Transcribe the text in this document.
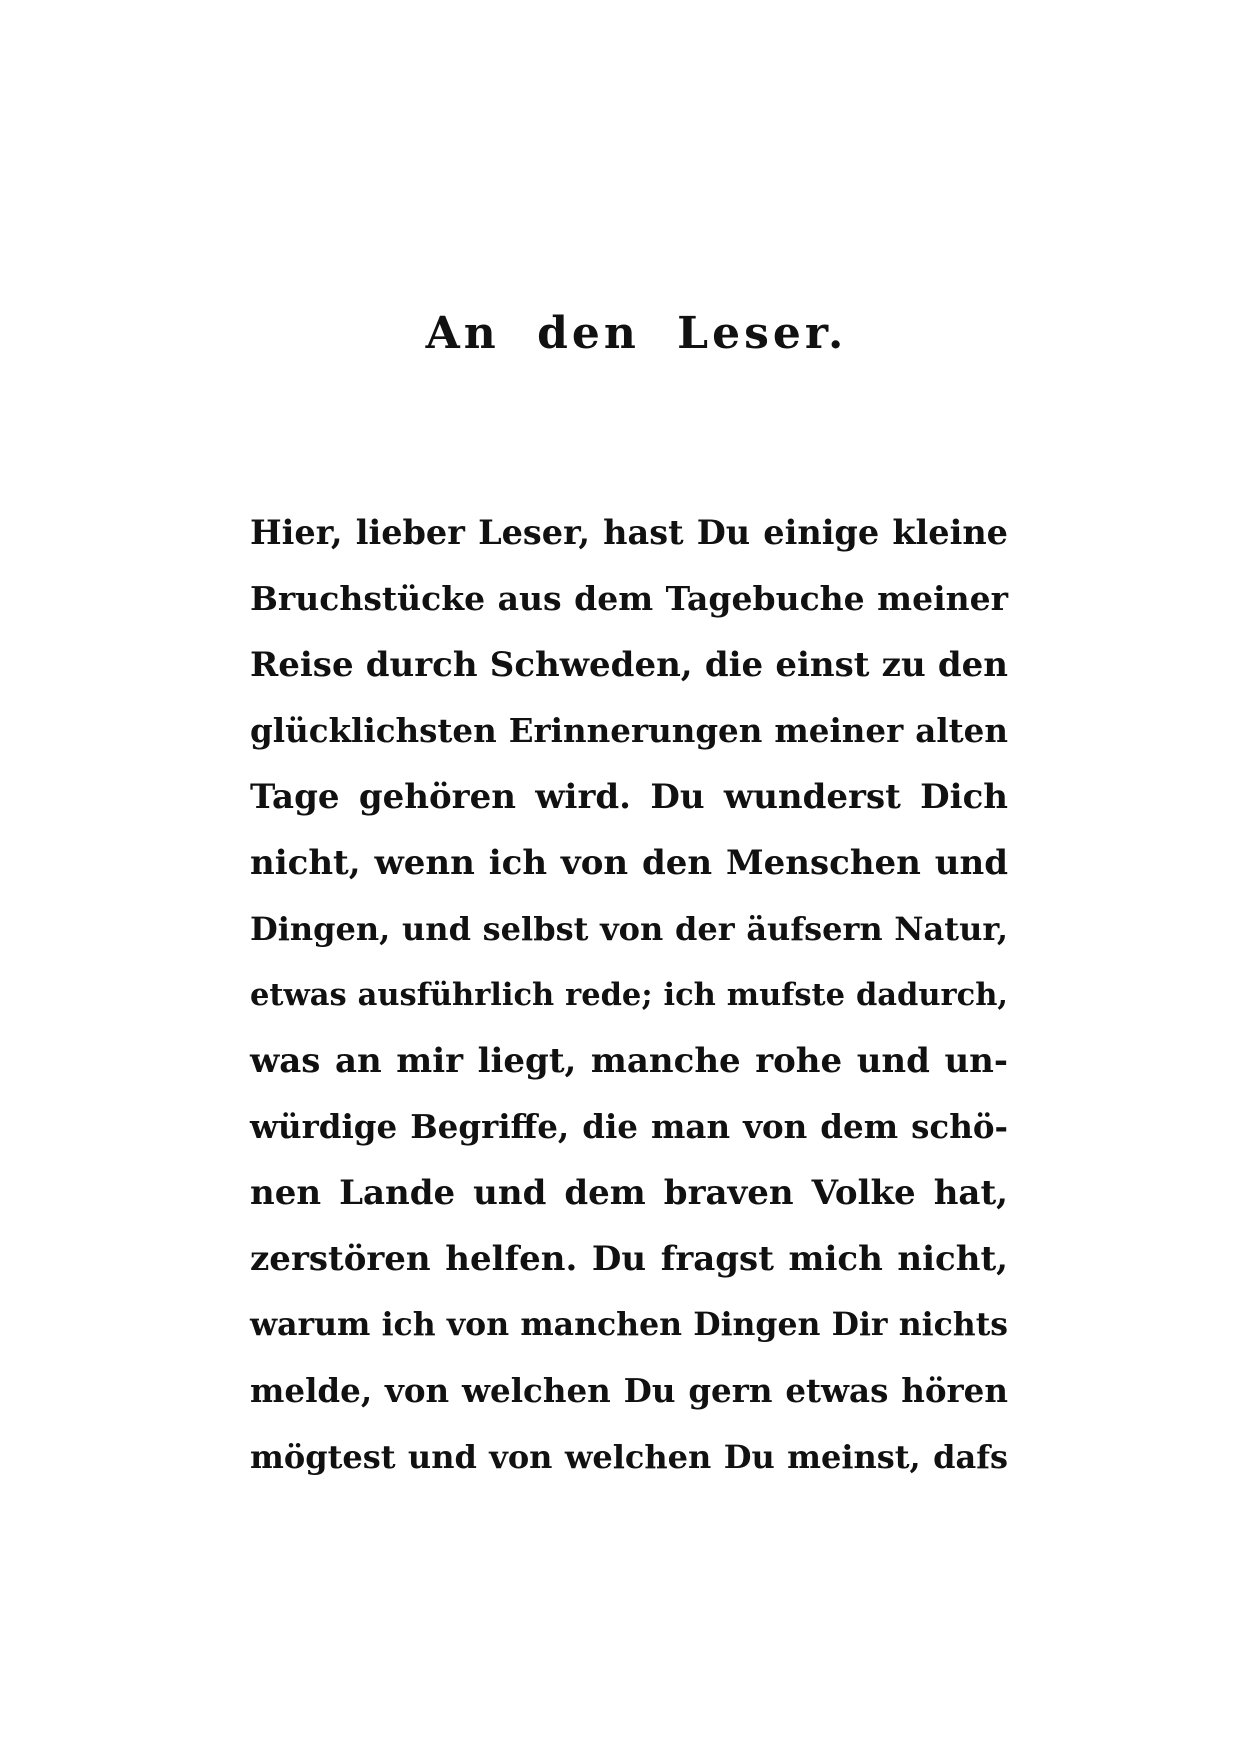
An den Leser.
Hier, lieber Leser, hast Du einige kleine
Bruchstücke aus dem Tagebuche meiner
Reise durch Schweden, die einst zu den
glücklichsten Erinnerungen meiner alten
Tage gehören wird. Du wunderst Dich
nicht, wenn ich von den Menschen und
Dingen, und selbst von der äufsern Natur,
etwas ausführlich rede; ich mufste dadurch,
was an mir liegt, manche rohe und un-
würdige Begriffe, die man von dem schö-
nen Lande und dem braven Volke hat,
zerstören helfen. Du fragst mich nicht,
warum ich von manchen Dingen Dir nichts
melde, von welchen Du gern etwas hören
mögtest und von welchen Du meinst, dafs
